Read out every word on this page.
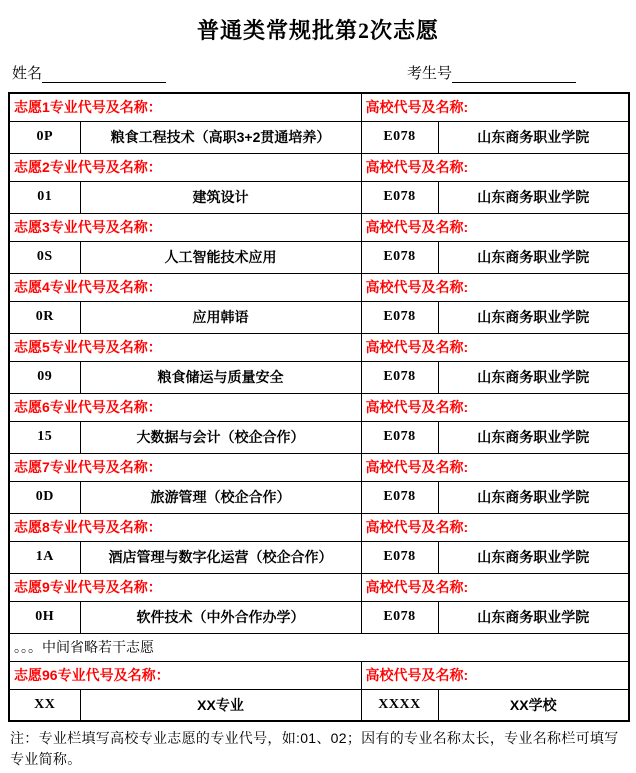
普通类常规批第2次志愿
姓名	考生号
志愿1专业代号及名称：		高校代号及名称:	
0P	粮食工程技术（高职3+2贯通培养）	E078	山东商务职业学院
志愿2专业代号及名称：		高校代号及名称:	
01	建筑设计	E078	山东商务职业学院
志愿3专业代号及名称：		高校代号及名称:	
0S	人工智能技术应用	E078	山东商务职业学院
志愿4专业代号及名称：		高校代号及名称:	
0R	应用韩语	E078	山东商务职业学院
志愿5专业代号及名称：		高校代号及名称:	
09	粮食储运与质量安全	E078	山东商务职业学院
志愿6专业代号及名称：		高校代号及名称:	
15	大数据与会计（校企合作）	E078	山东商务职业学院
志愿7专业代号及名称：		高校代号及名称:	
0D	旅游管理（校企合作）	E078	山东商务职业学院
志愿8专业代号及名称：		高校代号及名称:	
1A	酒店管理与数字化运营（校企合作）	E078	山东商务职业学院
志愿9专业代号及名称：		高校代号及名称:	
0H	软件技术（中外合作办学）	E078	山东商务职业学院
。。。中间省略若干志愿			
志愿96专业代号及名称：		高校代号及名称:	
XX	XX专业	XXXX	XX学校
注：专业栏填写高校专业志愿的专业代号，如:01、02；因有的专业名称太长，专业名称栏可填写专业简称。
